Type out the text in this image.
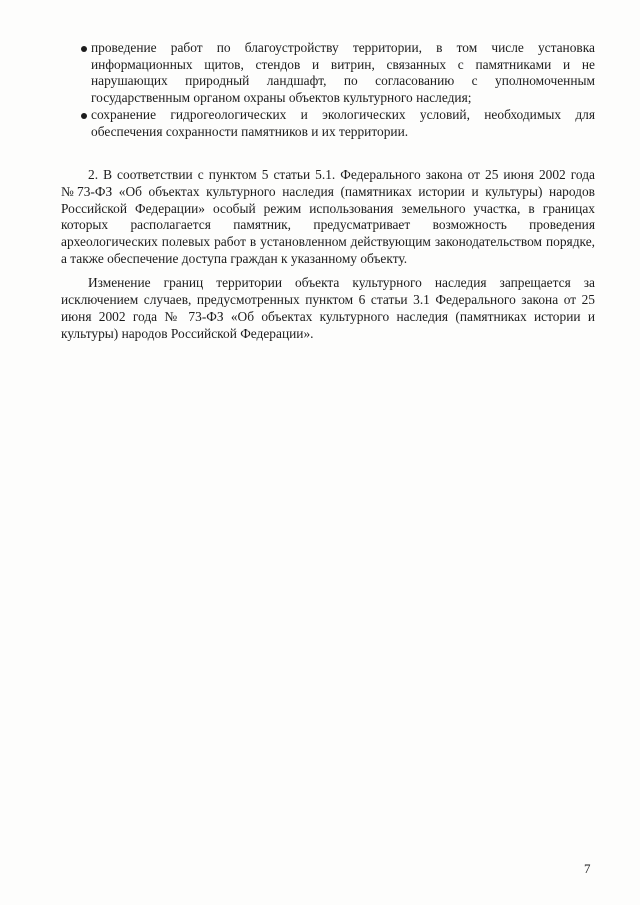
проведение работ по благоустройству территории, в том числе установка информационных щитов, стендов и витрин, связанных с памятниками и не нарушающих природный ландшафт, по согласованию с уполномоченным государственным органом охраны объектов культурного наследия;
сохранение гидрогеологических и экологических условий, необходимых для обеспечения сохранности памятников и их территории.

2. В соответствии с пунктом 5 статьи 5.1. Федерального закона от 25 июня 2002 года №73-ФЗ «Об объектах культурного наследия (памятниках истории и культуры) народов Российской Федерации» особый режим использования земельного участка, в границах которых располагается памятник, предусматривает возможность проведения археологических полевых работ в установленном действующим законодательством порядке, а также обеспечение доступа граждан к указанному объекту.

Изменение границ территории объекта культурного наследия запрещается за исключением случаев, предусмотренных пунктом 6 статьи 3.1 Федерального закона от 25 июня 2002 года № 73-ФЗ «Об объектах культурного наследия (памятниках истории и культуры) народов Российской Федерации».

7
